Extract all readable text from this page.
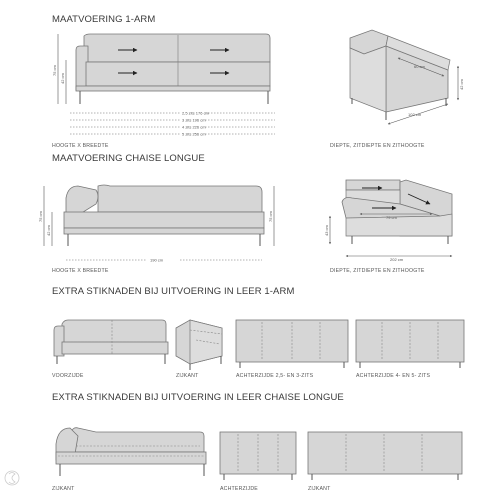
MAATVOERING 1-ARM
MAATVOERING CHAISE LONGUE
EXTRA STIKNADEN BIJ UITVOERING IN LEER 1-ARM
EXTRA STIKNADEN BIJ UITVOERING IN LEER CHAISE LONGUE
HOOGTE X BREEDTE	DIEPTE, ZITDIEPTE EN ZITHOOGTE
HOOGTE X BREEDTE	DIEPTE, ZITDIEPTE EN ZITHOOGTE
VOORZIJDE	ZIJKANT	ACHTERZIJDE 2,5- EN 3-ZITS	ACHTERZIJDE 4- EN 5- ZITS
ZIJKANT	ACHTERZIJDE	ZIJKANT
75 cm
42 cm
2,5 zits 176 cm
3 zits 196 cm
4 zits 226 cm
5 zits 256 cm
60 cm
102 cm
42 cm
75 cm
42 cm
190 cm
75 cm	79 cm
202 cm
43 cm
